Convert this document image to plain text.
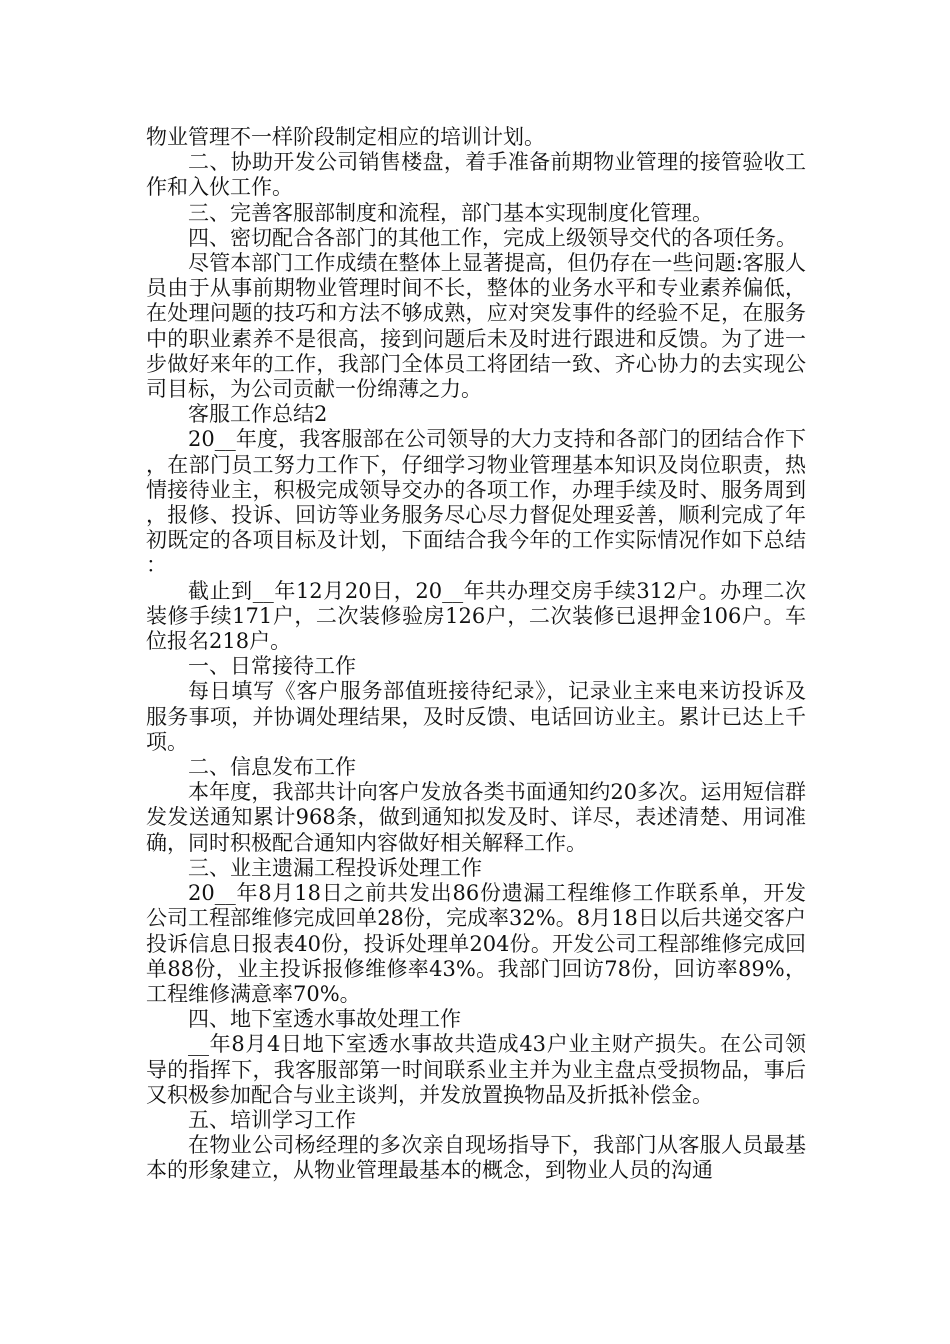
物业管理不一样阶段制定相应的培训计划。

二、协助开发公司销售楼盘，着手准备前期物业管理的接管验收工作和入伙工作。

三、完善客服部制度和流程，部门基本实现制度化管理。

四、密切配合各部门的其他工作，完成上级领导交代的各项任务。

尽管本部门工作成绩在整体上显著提高，但仍存在一些问题:客服人员由于从事前期物业管理时间不长，整体的业务水平和专业素养偏低，在处理问题的技巧和方法不够成熟，应对突发事件的经验不足，在服务中的职业素养不是很高，接到问题后未及时进行跟进和反馈。为了进一步做好来年的工作，我部门全体员工将团结一致、齐心协力的去实现公司目标，为公司贡献一份绵薄之力。

客服工作总结2

20__年度，我客服部在公司领导的大力支持和各部门的团结合作下，在部门员工努力工作下，仔细学习物业管理基本知识及岗位职责，热情接待业主，积极完成领导交办的各项工作，办理手续及时、服务周到，报修、投诉、回访等业务服务尽心尽力督促处理妥善，顺利完成了年初既定的各项目标及计划，下面结合我今年的工作实际情况作如下总结：

截止到__年12月20日，20__年共办理交房手续312户。办理二次装修手续171户，二次装修验房126户，二次装修已退押金106户。车位报名218户。

一、日常接待工作

每日填写《客户服务部值班接待纪录》，记录业主来电来访投诉及服务事项，并协调处理结果，及时反馈、电话回访业主。累计已达上千项。

二、信息发布工作

本年度，我部共计向客户发放各类书面通知约20多次。运用短信群发发送通知累计968条，做到通知拟发及时、详尽，表述清楚、用词准确，同时积极配合通知内容做好相关解释工作。

三、业主遗漏工程投诉处理工作

20__年8月18日之前共发出86份遗漏工程维修工作联系单，开发公司工程部维修完成回单28份，完成率32%。8月18日以后共递交客户投诉信息日报表40份，投诉处理单204份。开发公司工程部维修完成回单88份，业主投诉报修维修率43%。我部门回访78份，回访率89%，工程维修满意率70%。

四、地下室透水事故处理工作

__年8月4日地下室透水事故共造成43户业主财产损失。在公司领导的指挥下，我客服部第一时间联系业主并为业主盘点受损物品，事后又积极参加配合与业主谈判，并发放置换物品及折抵补偿金。

五、培训学习工作

在物业公司杨经理的多次亲自现场指导下，我部门从客服人员最基本的形象建立，从物业管理最基本的概念，到物业人员的沟通
